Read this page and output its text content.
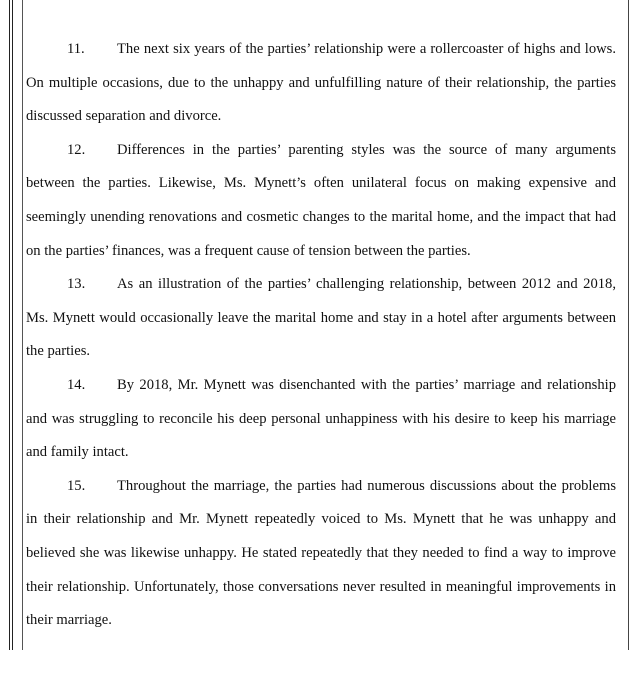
11. The next six years of the parties’ relationship were a rollercoaster of highs and lows. On multiple occasions, due to the unhappy and unfulfilling nature of their relationship, the parties discussed separation and divorce.

12. Differences in the parties’ parenting styles was the source of many arguments between the parties. Likewise, Ms. Mynett’s often unilateral focus on making expensive and seemingly unending renovations and cosmetic changes to the marital home, and the impact that had on the parties’ finances, was a frequent cause of tension between the parties.

13. As an illustration of the parties’ challenging relationship, between 2012 and 2018, Ms. Mynett would occasionally leave the marital home and stay in a hotel after arguments between the parties.

14. By 2018, Mr. Mynett was disenchanted with the parties’ marriage and relationship and was struggling to reconcile his deep personal unhappiness with his desire to keep his marriage and family intact.

15. Throughout the marriage, the parties had numerous discussions about the problems in their relationship and Mr. Mynett repeatedly voiced to Ms. Mynett that he was unhappy and believed she was likewise unhappy. He stated repeatedly that they needed to find a way to improve their relationship. Unfortunately, those conversations never resulted in meaningful improvements in their marriage.
